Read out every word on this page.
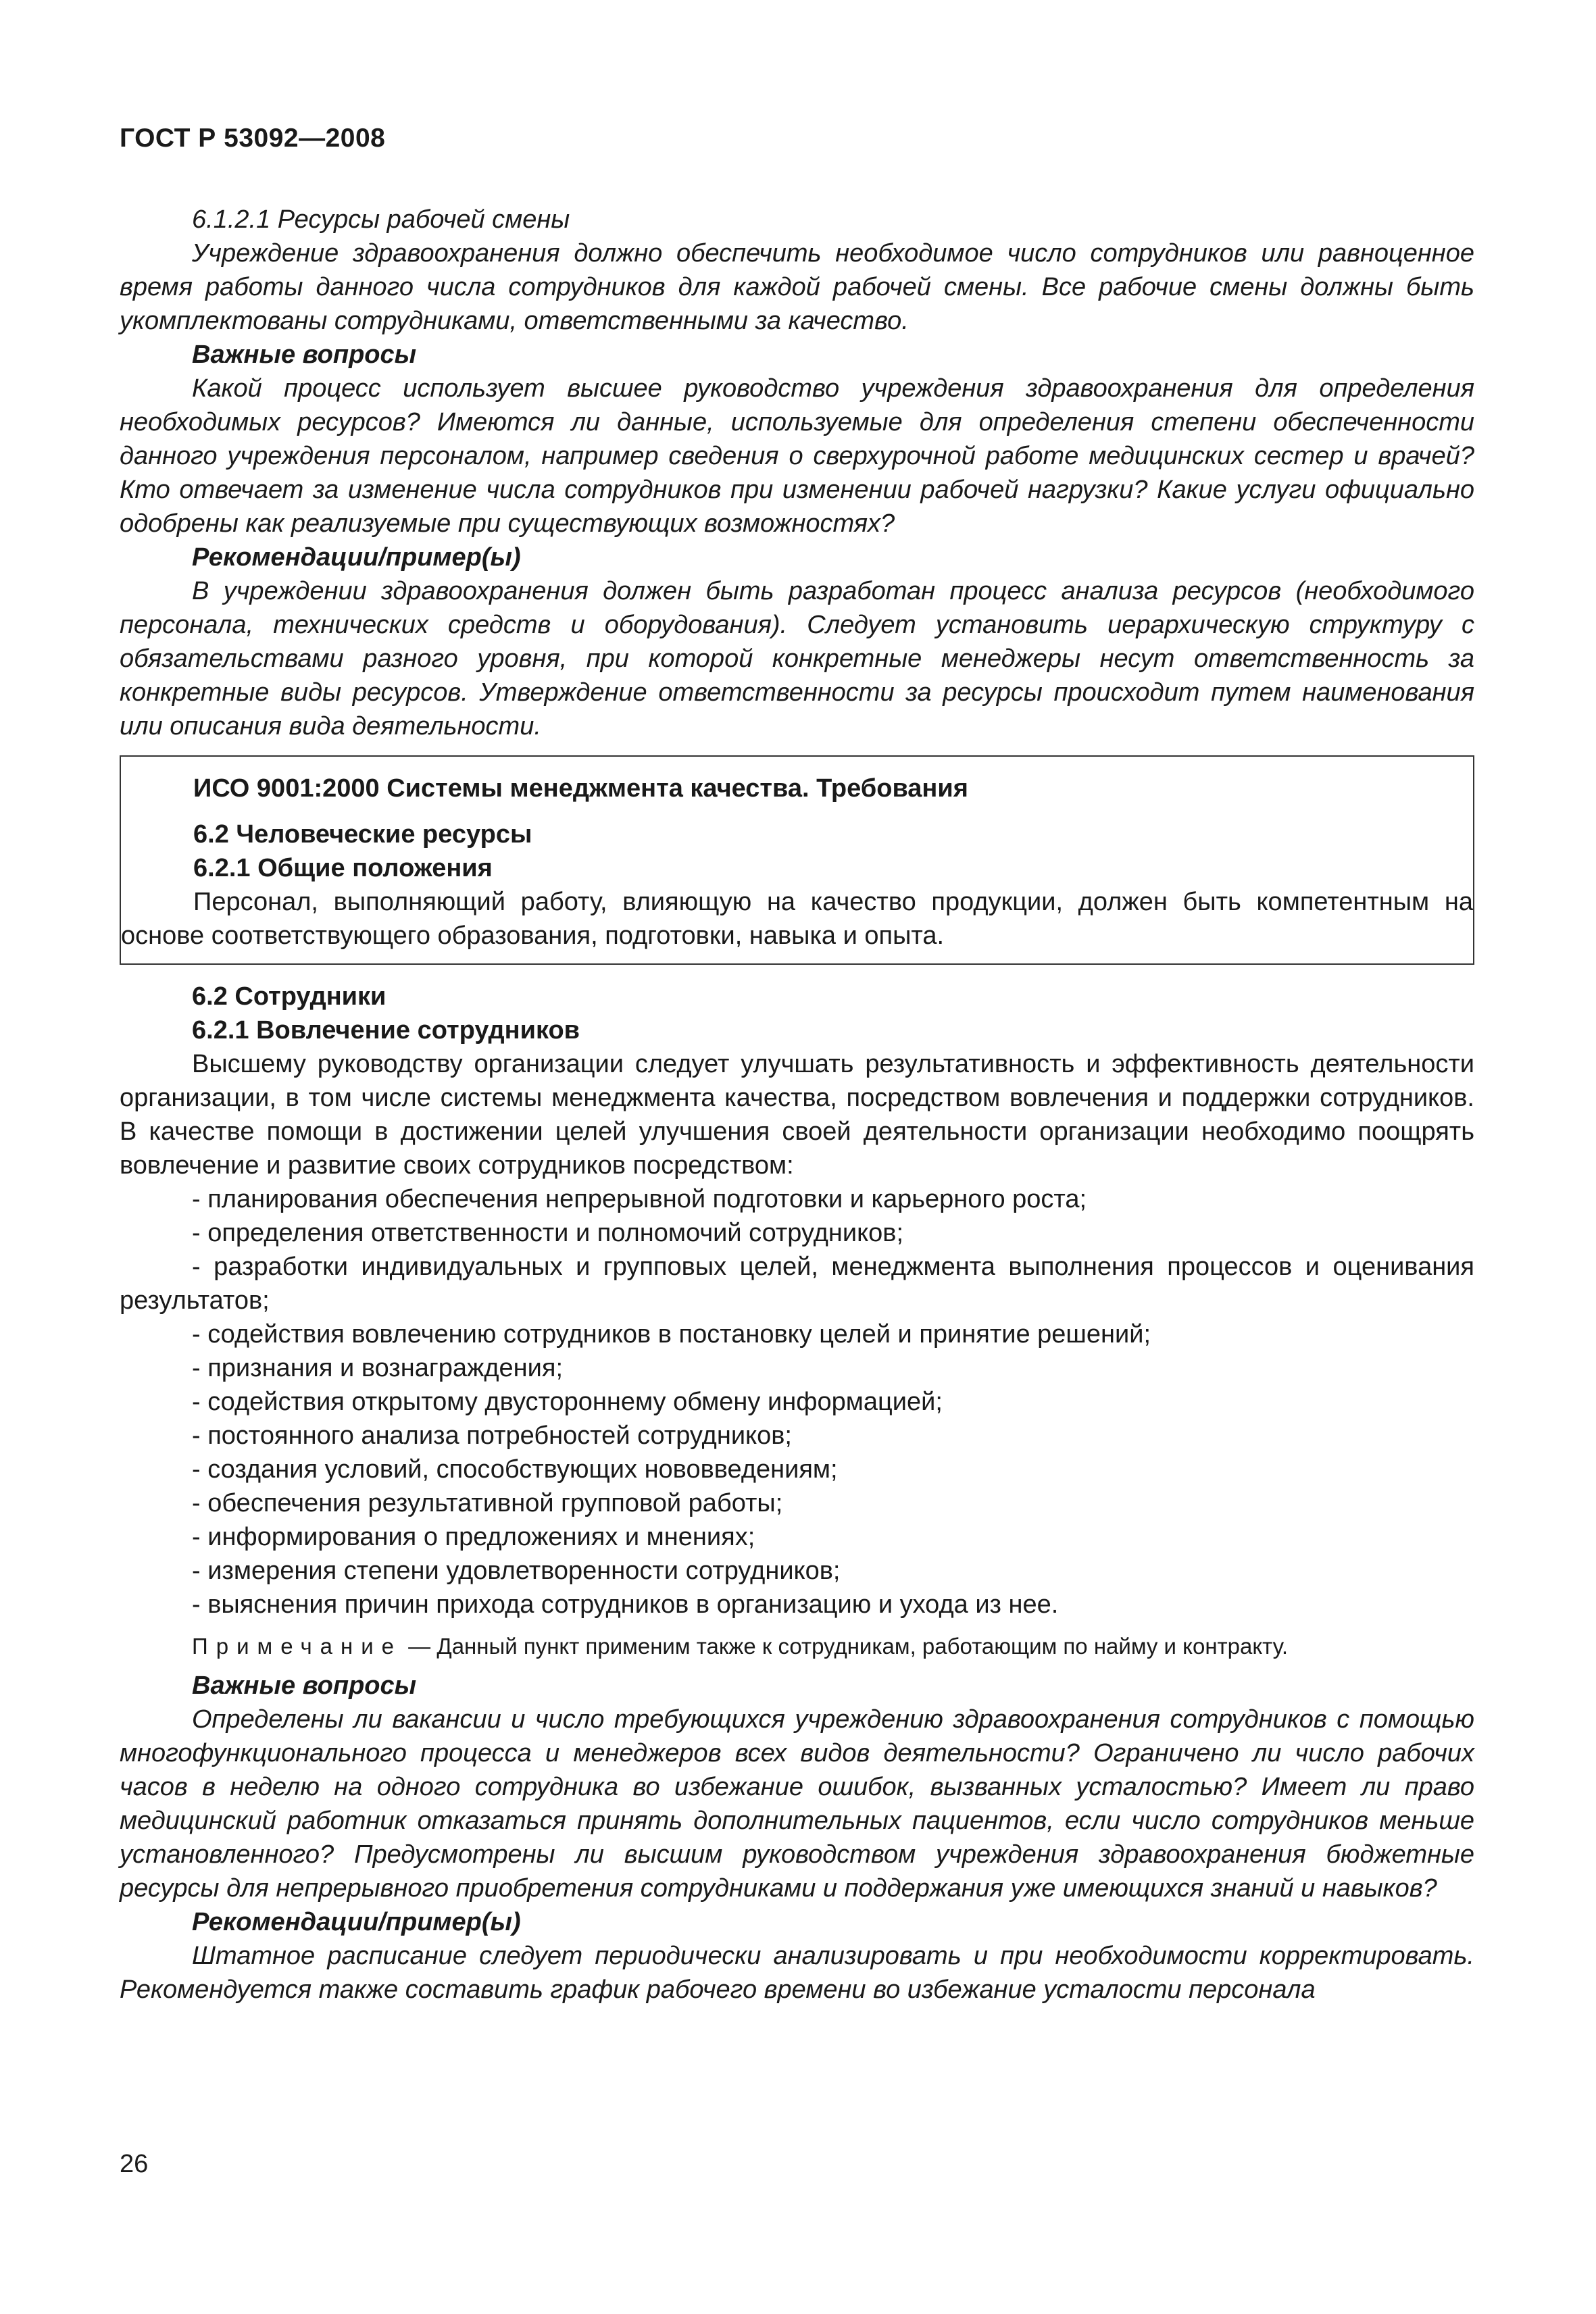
ГОСТ Р 53092—2008

6.1.2.1 Ресурсы рабочей смены

Учреждение здравоохранения должно обеспечить необходимое число сотрудников или равноценное время работы данного числа сотрудников для каждой рабочей смены. Все рабочие смены должны быть укомплектованы сотрудниками, ответственными за качество.

Важные вопросы

Какой процесс использует высшее руководство учреждения здравоохранения для определения необходимых ресурсов? Имеются ли данные, используемые для определения степени обеспеченности данного учреждения персоналом, например сведения о сверхурочной работе медицинских сестер и врачей? Кто отвечает за изменение числа сотрудников при изменении рабочей нагрузки? Какие услуги официально одобрены как реализуемые при существующих возможностях?

Рекомендации/пример(ы)

В учреждении здравоохранения должен быть разработан процесс анализа ресурсов (необходимого персонала, технических средств и оборудования). Следует установить иерархическую структуру с обязательствами разного уровня, при которой конкретные менеджеры несут ответственность за конкретные виды ресурсов. Утверждение ответственности за ресурсы происходит путем наименования или описания вида деятельности.

ИСО 9001:2000 Системы менеджмента качества. Требования

6.2 Человеческие ресурсы

6.2.1 Общие положения

Персонал, выполняющий работу, влияющую на качество продукции, должен быть компетентным на основе соответствующего образования, подготовки, навыка и опыта.

6.2 Сотрудники

6.2.1 Вовлечение сотрудников

Высшему руководству организации следует улучшать результативность и эффективность деятельности организации, в том числе системы менеджмента качества, посредством вовлечения и поддержки сотрудников. В качестве помощи в достижении целей улучшения своей деятельности организации необходимо поощрять вовлечение и развитие своих сотрудников посредством:

- планирования обеспечения непрерывной подготовки и карьерного роста;

- определения ответственности и полномочий сотрудников;

- разработки индивидуальных и групповых целей, менеджмента выполнения процессов и оценивания результатов;

- содействия вовлечению сотрудников в постановку целей и принятие решений;

- признания и вознаграждения;

- содействия открытому двустороннему обмену информацией;

- постоянного анализа потребностей сотрудников;

- создания условий, способствующих нововведениям;

- обеспечения результативной групповой работы;

- информирования о предложениях и мнениях;

- измерения степени удовлетворенности сотрудников;

- выяснения причин прихода сотрудников в организацию и ухода из нее.

Примечание — Данный пункт применим также к сотрудникам, работающим по найму и контракту.

Важные вопросы

Определены ли вакансии и число требующихся учреждению здравоохранения сотрудников с помощью многофункционального процесса и менеджеров всех видов деятельности? Ограничено ли число рабочих часов в неделю на одного сотрудника во избежание ошибок, вызванных усталостью? Имеет ли право медицинский работник отказаться принять дополнительных пациентов, если число сотрудников меньше установленного? Предусмотрены ли высшим руководством учреждения здравоохранения бюджетные ресурсы для непрерывного приобретения сотрудниками и поддержания уже имеющихся знаний и навыков?

Рекомендации/пример(ы)

Штатное расписание следует периодически анализировать и при необходимости корректировать. Рекомендуется также составить график рабочего времени во избежание усталости персонала

26
